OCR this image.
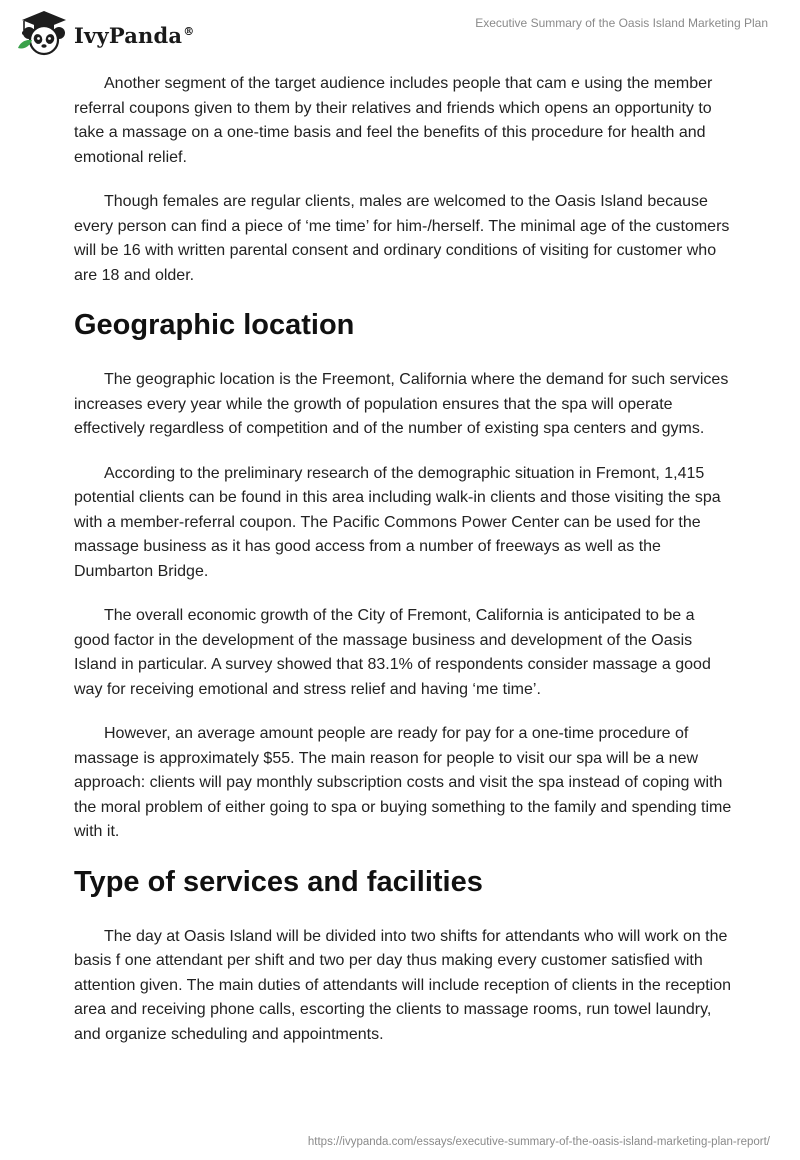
IvyPanda®
Executive Summary of the Oasis Island Marketing Plan

Another segment of the target audience includes people that cam e using the member referral coupons given to them by their relatives and friends which opens an opportunity to take a massage on a one-time basis and feel the benefits of this procedure for health and emotional relief.

Though females are regular clients, males are welcomed to the Oasis Island because every person can find a piece of ‘me time’ for him-/herself. The minimal age of the customers will be 16 with written parental consent and ordinary conditions of visiting for customer who are 18 and older.

Geographic location

The geographic location is the Freemont, California where the demand for such services increases every year while the growth of population ensures that the spa will operate effectively regardless of competition and of the number of existing spa centers and gyms.

According to the preliminary research of the demographic situation in Fremont, 1,415 potential clients can be found in this area including walk-in clients and those visiting the spa with a member-referral coupon. The Pacific Commons Power Center can be used for the massage business as it has good access from a number of freeways as well as the Dumbarton Bridge.

The overall economic growth of the City of Fremont, California is anticipated to be a good factor in the development of the massage business and development of the Oasis Island in particular. A survey showed that 83.1% of respondents consider massage a good way for receiving emotional and stress relief and having ‘me time’.

However, an average amount people are ready for pay for a one-time procedure of massage is approximately $55. The main reason for people to visit our spa will be a new approach: clients will pay monthly subscription costs and visit the spa instead of coping with the moral problem of either going to spa or buying something to the family and spending time with it.

Type of services and facilities

The day at Oasis Island will be divided into two shifts for attendants who will work on the basis f one attendant per shift and two per day thus making every customer satisfied with attention given. The main duties of attendants will include reception of clients in the reception area and receiving phone calls, escorting the clients to massage rooms, run towel laundry, and organize scheduling and appointments.

https://ivypanda.com/essays/executive-summary-of-the-oasis-island-marketing-plan-report/
